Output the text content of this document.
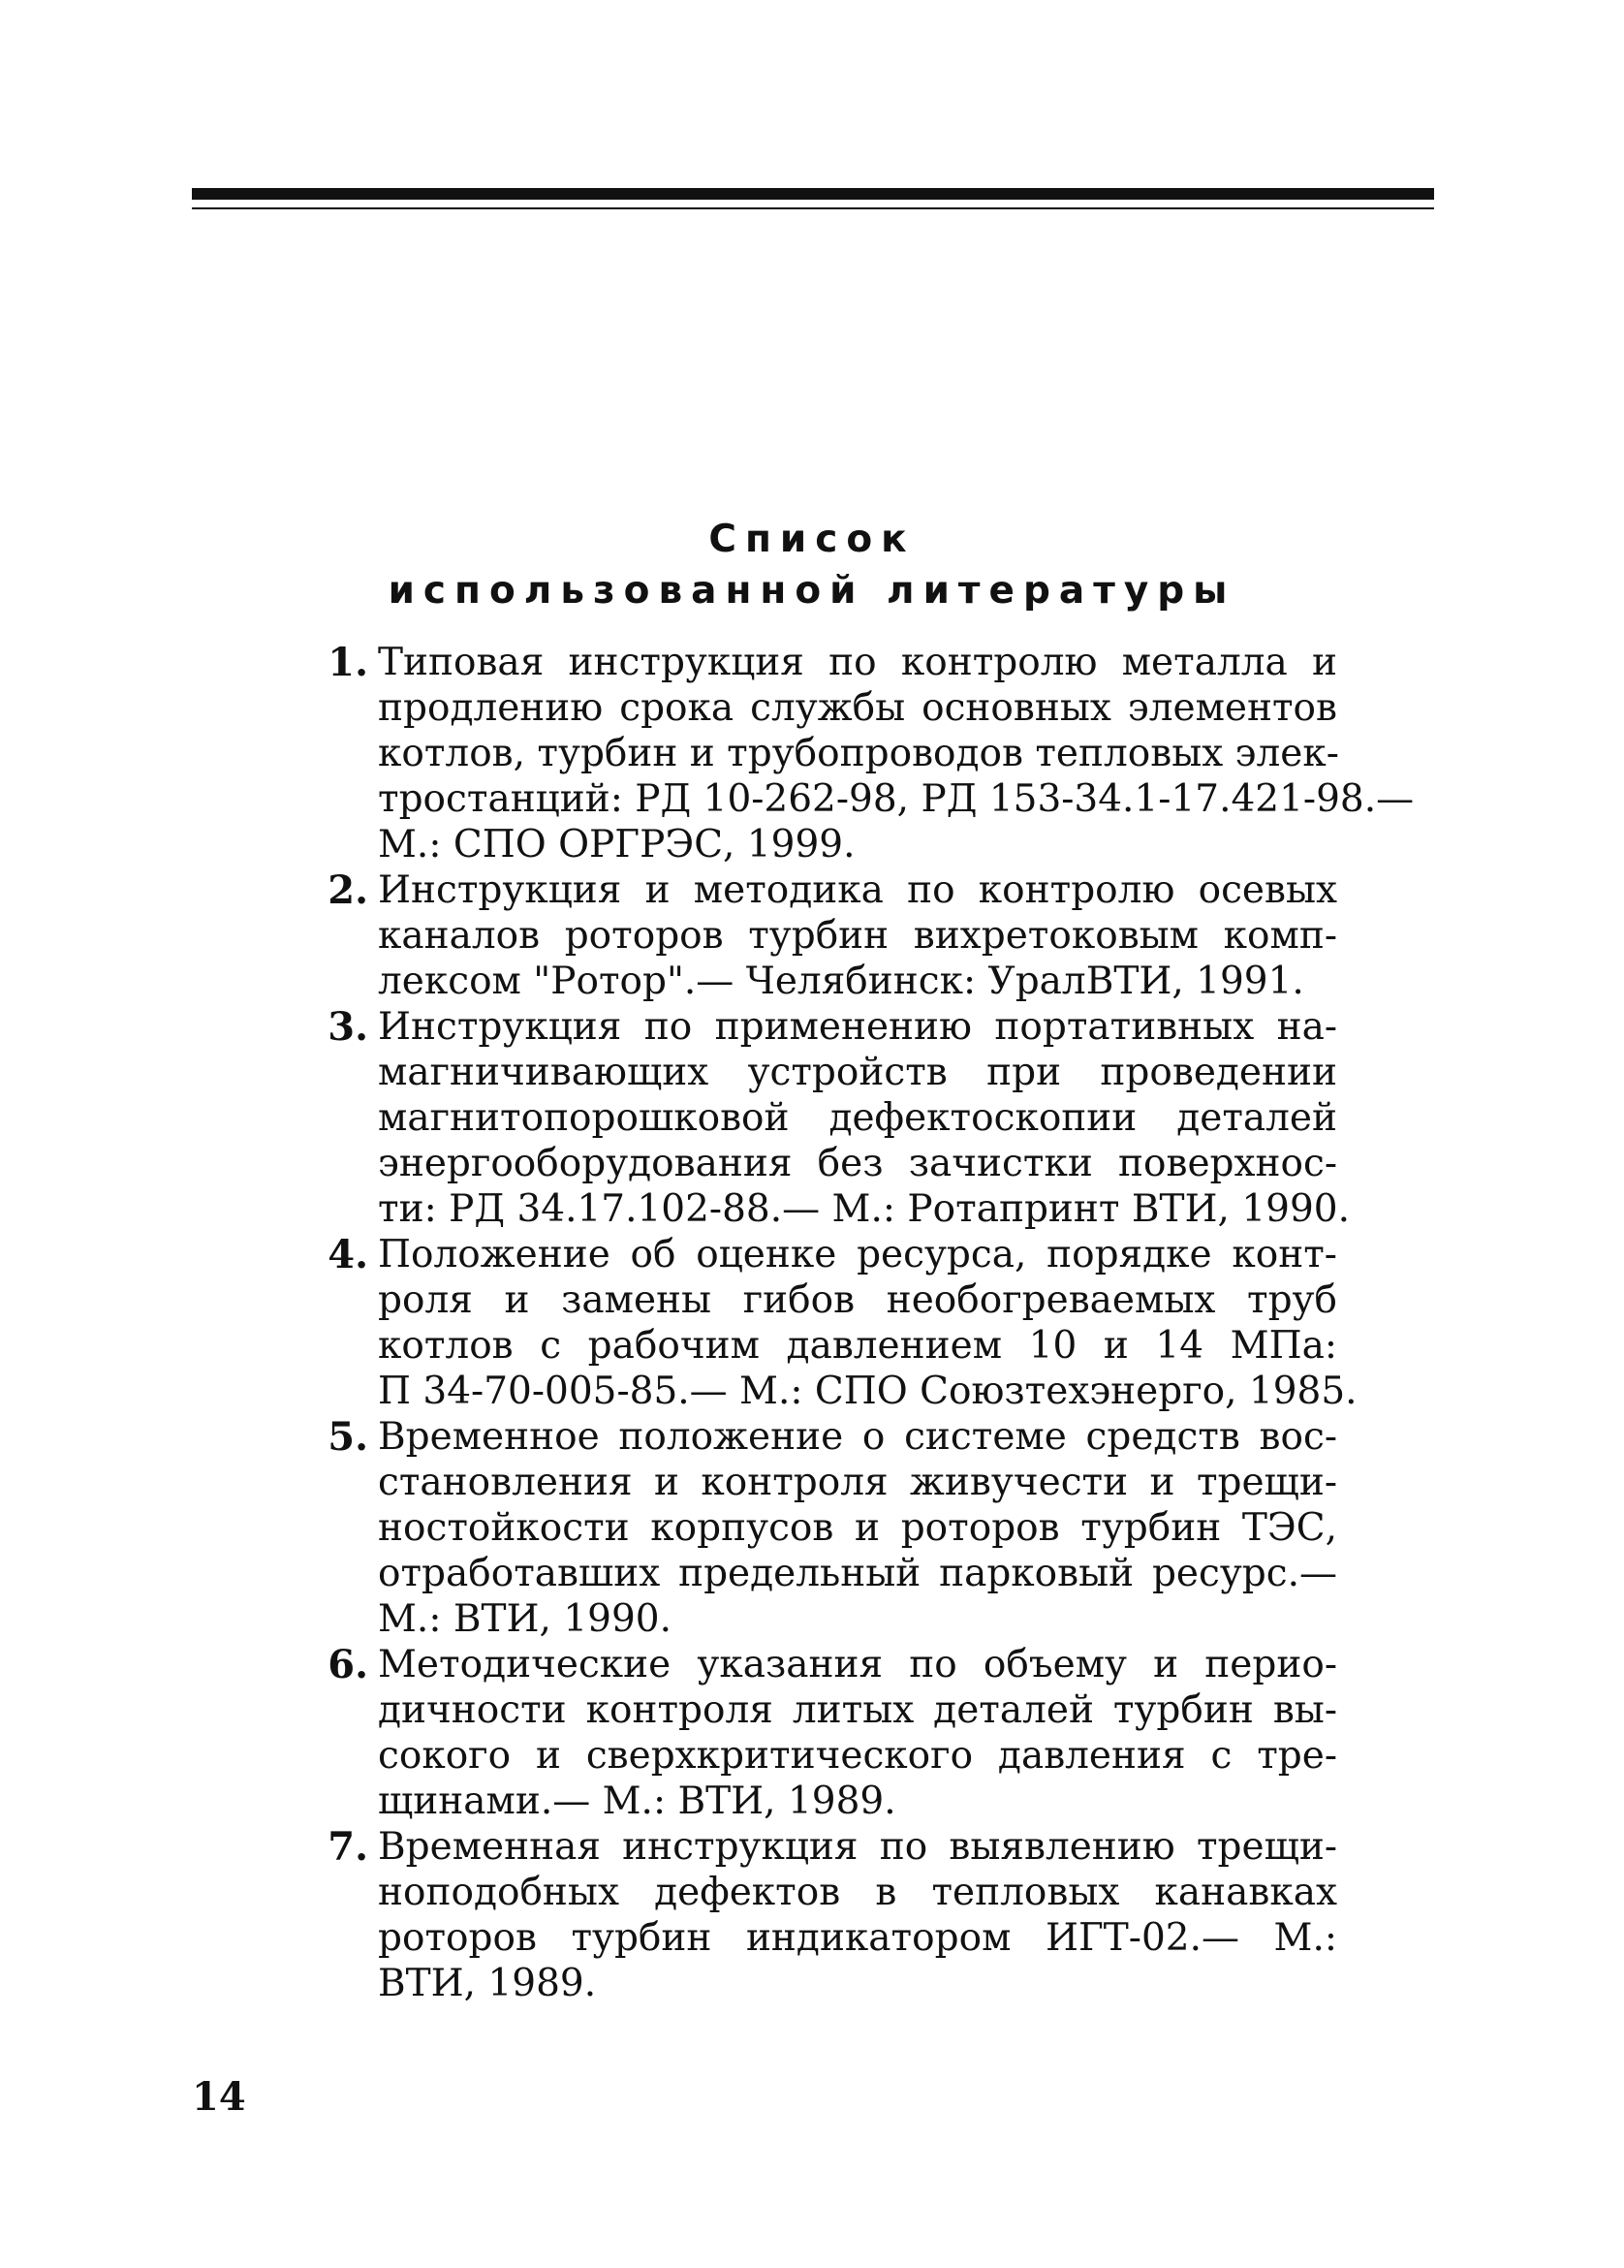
Список
использованной литературы
1. Типовая инструкция по контролю металла и
продлению срока службы основных элементов
котлов, турбин и трубопроводов тепловых элек-
тростанций: РД 10-262-98, РД 153-34.1-17.421-98.—
М.: СПО ОРГРЭС, 1999.
2. Инструкция и методика по контролю осевых
каналов роторов турбин вихретоковым комп-
лексом "Ротор".— Челябинск: УралВТИ, 1991.
3. Инструкция по применению портативных на-
магничивающих устройств при проведении
магнитопорошковой дефектоскопии деталей
энергооборудования без зачистки поверхнос-
ти: РД 34.17.102-88.— М.: Ротапринт ВТИ, 1990.
4. Положение об оценке ресурса, порядке конт-
роля и замены гибов необогреваемых труб
котлов с рабочим давлением 10 и 14 МПа:
П 34-70-005-85.— М.: СПО Союзтехэнерго, 1985.
5. Временное положение о системе средств вос-
становления и контроля живучести и трещи-
ностойкости корпусов и роторов турбин ТЭС,
отработавших предельный парковый ресурс.—
М.: ВТИ, 1990.
6. Методические указания по объему и перио-
дичности контроля литых деталей турбин вы-
сокого и сверхкритического давления с тре-
щинами.— М.: ВТИ, 1989.
7. Временная инструкция по выявлению трещи-
ноподобных дефектов в тепловых канавках
роторов турбин индикатором ИГТ-02.— М.:
ВТИ, 1989.
14
